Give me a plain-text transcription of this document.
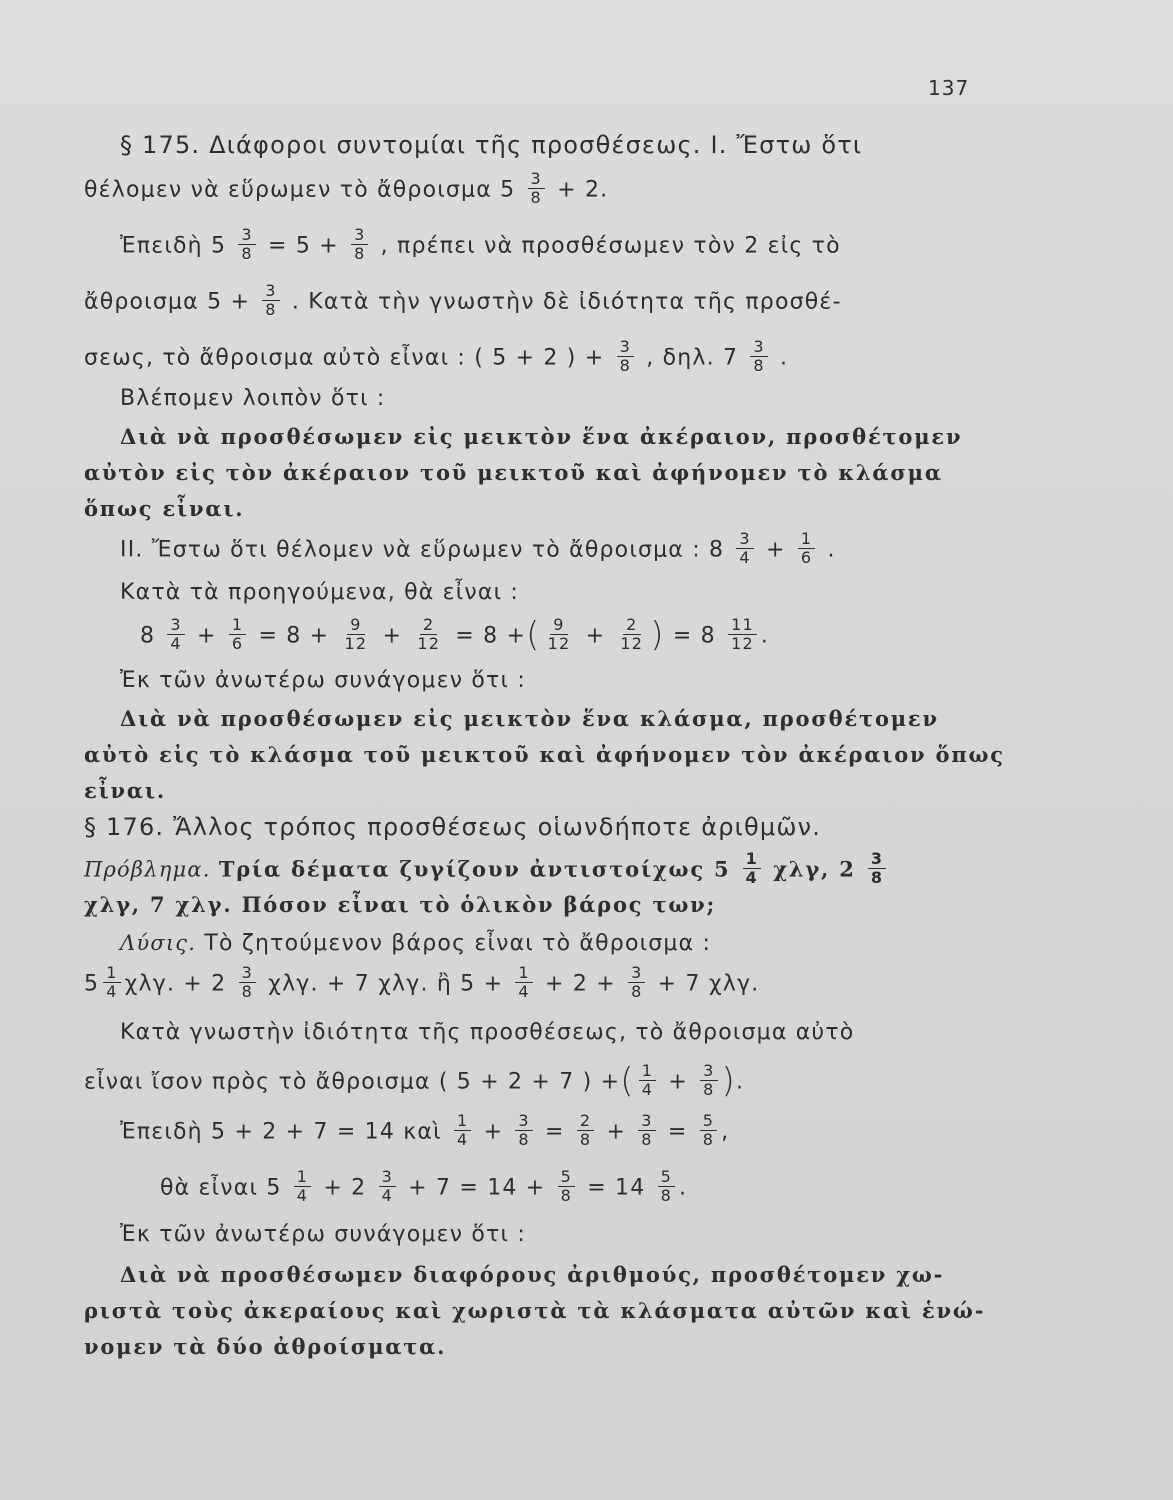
137
§ 175. Διάφοροι συντομίαι τῆς προσθέσεως. Ι. Ἔστω ὅτι
θέλομεν νὰ εὕρωμεν τὸ ἄθροισμα $5 \frac{3}{8} + 2$.
Ἐπειδὴ $5 \frac{3}{8} = 5 + \frac{3}{8}$ , πρέπει νὰ προσθέσωμεν τὸν 2 εἰς τὸ
ἄθροισμα $5 + \frac{3}{8}$ . Κατὰ τὴν γνωστὴν δὲ ἰδιότητα τῆς προσθέ-
σεως, τὸ ἄθροισμα αὐτὸ εἶναι : ( 5 + 2 ) + $\frac{3}{8}$ , δηλ. $7 \frac{3}{8}$ .
Βλέπομεν λοιπὸν ὅτι :
Διὰ νὰ προσθέσωμεν εἰς μεικτὸν ἕνα ἀκέραιον, προσθέτομεν
αὐτὸν εἰς τὸν ἀκέραιον τοῦ μεικτοῦ καὶ ἀφήνομεν τὸ κλάσμα
ὅπως εἶναι.
ΙΙ. Ἔστω ὅτι θέλομεν νὰ εὕρωμεν τὸ ἄθροισμα : $8 \frac{3}{4} + \frac{1}{6}$ .
Κατὰ τὰ προηγούμενα, θὰ εἶναι :
$8 \frac{3}{4} + \frac{1}{6} = 8 + \frac{9}{12} + \frac{2}{12} = 8$ +( $\frac{9}{12} + \frac{2}{12}$ ) = $8 \frac{11}{12}$ .
Ἐκ τῶν ἀνωτέρω συνάγομεν ὅτι :
Διὰ νὰ προσθέσωμεν εἰς μεικτὸν ἕνα κλάσμα, προσθέτομεν
αὐτὸ εἰς τὸ κλάσμα τοῦ μεικτοῦ καὶ ἀφήνομεν τὸν ἀκέραιον ὅπως
εἶναι.
§ 176. Ἄλλος τρόπος προσθέσεως οἱωνδήποτε ἀριθμῶν.
Πρόβλημα. Τρία δέματα ζυγίζουν ἀντιστοίχως $5 \frac{1}{4} \chi\lambda\gamma$, $2 \frac{3}{8}$
χλγ, 7 χλγ. Πόσον εἶναι τὸ ὁλικὸν βάρος των;
Λύσις. Τὸ ζητούμενον βάρος εἶναι τὸ ἄθροισμα :
$5 \frac{1}{4} \chi\lambda\gamma$. + $2 \frac{3}{8} \chi\lambda\gamma$. + 7 χλγ. ἢ $5 + \frac{1}{4} + 2 + \frac{3}{8} + 7$ χλγ.
Κατὰ γνωστὴν ἰδιότητα τῆς προσθέσεως, τὸ ἄθροισμα αὐτὸ
εἶναι ἴσον πρὸς τὸ ἄθροισμα ( 5 + 2 + 7 ) +( $\frac{1}{4} + \frac{3}{8}$ ).
Ἐπειδὴ 5 + 2 + 7 = 14 καὶ $\frac{1}{4} + \frac{3}{8} = \frac{2}{8} + \frac{3}{8} = \frac{5}{8}$ ,
θὰ εἶναι $5 \frac{1}{4} + 2 \frac{3}{4} + 7 = 14 + \frac{5}{8} = 14 \frac{5}{8}$ .
Ἐκ τῶν ἀνωτέρω συνάγομεν ὅτι :
Διὰ νὰ προσθέσωμεν διαφόρους ἀριθμούς, προσθέτομεν χω-
ριστὰ τοὺς ἀκεραίους καὶ χωριστὰ τὰ κλάσματα αὐτῶν καὶ ἑνώ-
νομεν τὰ δύο ἀθροίσματα.
